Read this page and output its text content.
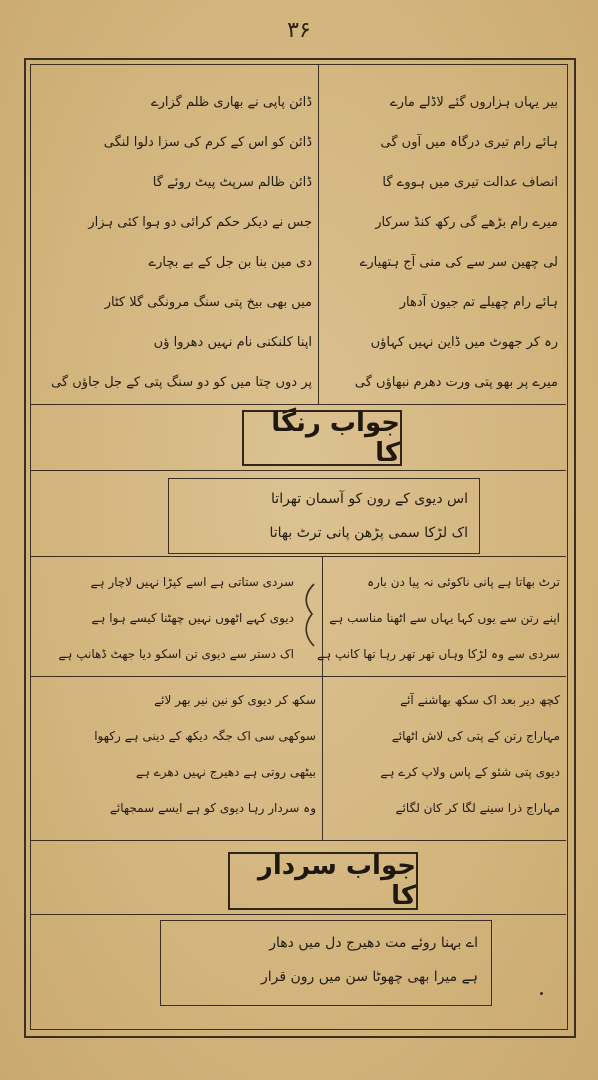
۳۶
بیر یہاں ہزاروں گئے لاڈلے مارے
ہائے رام تیری درگاہ میں آوں گی
انصاف عدالت تیری میں ہووے گا
میرے رام بڑھے گی رکھ کنڈ سرکار
لی چھین سر سے کی منی آج ہتھیارے
ہائے رام چھیلے تم جیون آدھار
رہ کر جھوٹ میں ڈاین نہیں کہاؤں
میرے پر بھو پتی ورت دھرم نبھاؤں گی
ڈائن پاپی نے بھاری ظلم گزارے
ڈائن کو اس کے کرم کی سزا دلوا لنگی
ڈائن ظالم سرپٹ پیٹ روئے گا
جس نے دیکر حکم کرائی دو ہوا کئی ہزار
دی مین بنا بن جل کے بے بچارے
میں بھی بیخ پتی سنگ مرونگی گلا کٹار
اپنا کلنکنی نام نہیں دھروا ؤں
پر دوں چتا میں کو دو سنگ پتی کے جل جاؤں گی
جواب رنگا کا
اس دیوی کے رون کو آسمان تھراتا
اک لڑکا سمی پڑھن پانی ترٹ بھاتا
ترٹ بھاتا ہے پانی ناکوئی نہ پیا دن بارہ
اپنے رتن سے یوں کہا یہاں سے اٹھنا مناسب ہے
سردی سے وہ لڑکا وہاں تھر تھر رہا تھا کانپ ہے
سردی ستاتی ہے اسے کپڑا نہیں لاچار ہے
دیوی کہے اٹھوں نہیں چھٹنا کیسے ہوا ہے
اک دستر سے دیوی تن اسکو دیا جھٹ ڈھانپ ہے
کچھ دیر بعد اک سکھ بھاشنے آئے
مہاراج رتن کے پتی کی لاش اٹھائے
دیوی پتی شئو کے پاس ولاپ کرے ہے
مہاراج ذرا سینے لگا کر کان لگائے
سکھ کر دیوی کو نین نیر بھر لائے
سوکھی سی اک جگہ دیکھ کے دینی ہے رکھوا
بیٹھی روتی ہے دھیرج نہیں دھرے ہے
وہ سردار رہا دیوی کو ہے ایسے سمجھائے
جواب سردار کا
اے بہنا روئے مت دھیرج دل میں دھار
ہے میرا بھی چھوٹا سن میں رون قرار
